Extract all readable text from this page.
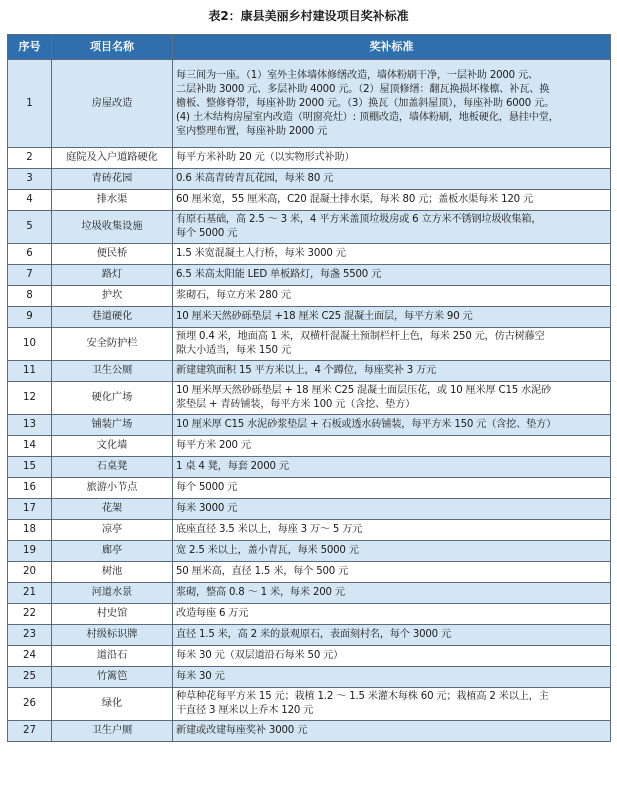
表2：康县美丽乡村建设项目奖补标准
序号	项目名称	奖补标准
1	房屋改造	每三间为一座。（1）室外主体墙体修缮改造，墙体粉刷干净，一层补助 2000 元、
二层补助 3000 元、多层补助 4000 元。（2）屋顶修缮：翻瓦换损坏椽檩、补瓦、换
檐板、整修脊带，每座补助 2000 元。（3）换瓦（加盖斜屋顶），每座补助 6000 元。
(4) 土木结构房屋室内改造（明窗亮灶）: 顶棚改造，墙体粉刷，地板硬化，悬挂中堂，
室内整理布置，每座补助 2000 元

2	庭院及入户道路硬化	每平方米补助 20 元（以实物形式补助）

3	青砖花园	0.6 米高青砖青瓦花园，每米 80 元

4	排水渠	60 厘米宽，55 厘米高，C20 混凝土排水渠，每米 80 元；盖板水渠每米 120 元

5	垃圾收集设施	有原石基础，高 2.5 ～ 3 米，4 平方米盖顶垃圾房或 6 立方米不锈钢垃圾收集箱，
每个 5000 元

6	便民桥	1.5 米宽混凝土人行桥，每米 3000 元

7	路灯	6.5 米高太阳能 LED 单板路灯，每盏 5500 元

8	护坎	浆砌石，每立方米 280 元

9	巷道硬化	10 厘米天然砂砾垫层 +18 厘米 C25 混凝土面层，每平方米 90 元

10	安全防护栏	预埋 0.4 米，地面高 1 米，双横杆混凝土预制栏杆上色，每米 250 元，仿古树藤空
隙大小适当，每米 150 元

11	卫生公厕	新建建筑面积 15 平方米以上，4 个蹲位，每座奖补 3 万元

12	硬化广场	10 厘米厚天然砂砾垫层 + 18 厘米 C25 混凝土面层压花，或 10 厘米厚 C15 水泥砂
浆垫层 + 青砖铺装，每平方米 100 元（含挖、垫方）

13	铺装广场	10 厘米厚 C15 水泥砂浆垫层 + 石板或透水砖铺装，每平方米 150 元（含挖、垫方）

14	文化墙	每平方米 200 元

15	石桌凳	1 桌 4 凳，每套 2000 元

16	旅游小节点	每个 5000 元

17	花架	每米 3000 元

18	凉亭	底座直径 3.5 米以上，每座 3 万～ 5 万元

19	廊亭	宽 2.5 米以上，盖小青瓦，每米 5000 元

20	树池	50 厘米高，直径 1.5 米，每个 500 元

21	河道水景	浆砌，整高 0.8 ～ 1 米，每米 200 元

22	村史馆	改造每座 6 万元

23	村级标识牌	直径 1.5 米，高 2 米的景观原石，表面刻村名，每个 3000 元

24	道沿石	每米 30 元（双层道沿石每米 50 元）

25	竹篱笆	每米 30 元

26	绿化	种草种花每平方米 15 元；栽植 1.2 ～ 1.5 米灌木每株 60 元；栽植高 2 米以上，主
干直径 3 厘米以上乔木 120 元

27	卫生户厕	新建或改建每座奖补 3000 元
